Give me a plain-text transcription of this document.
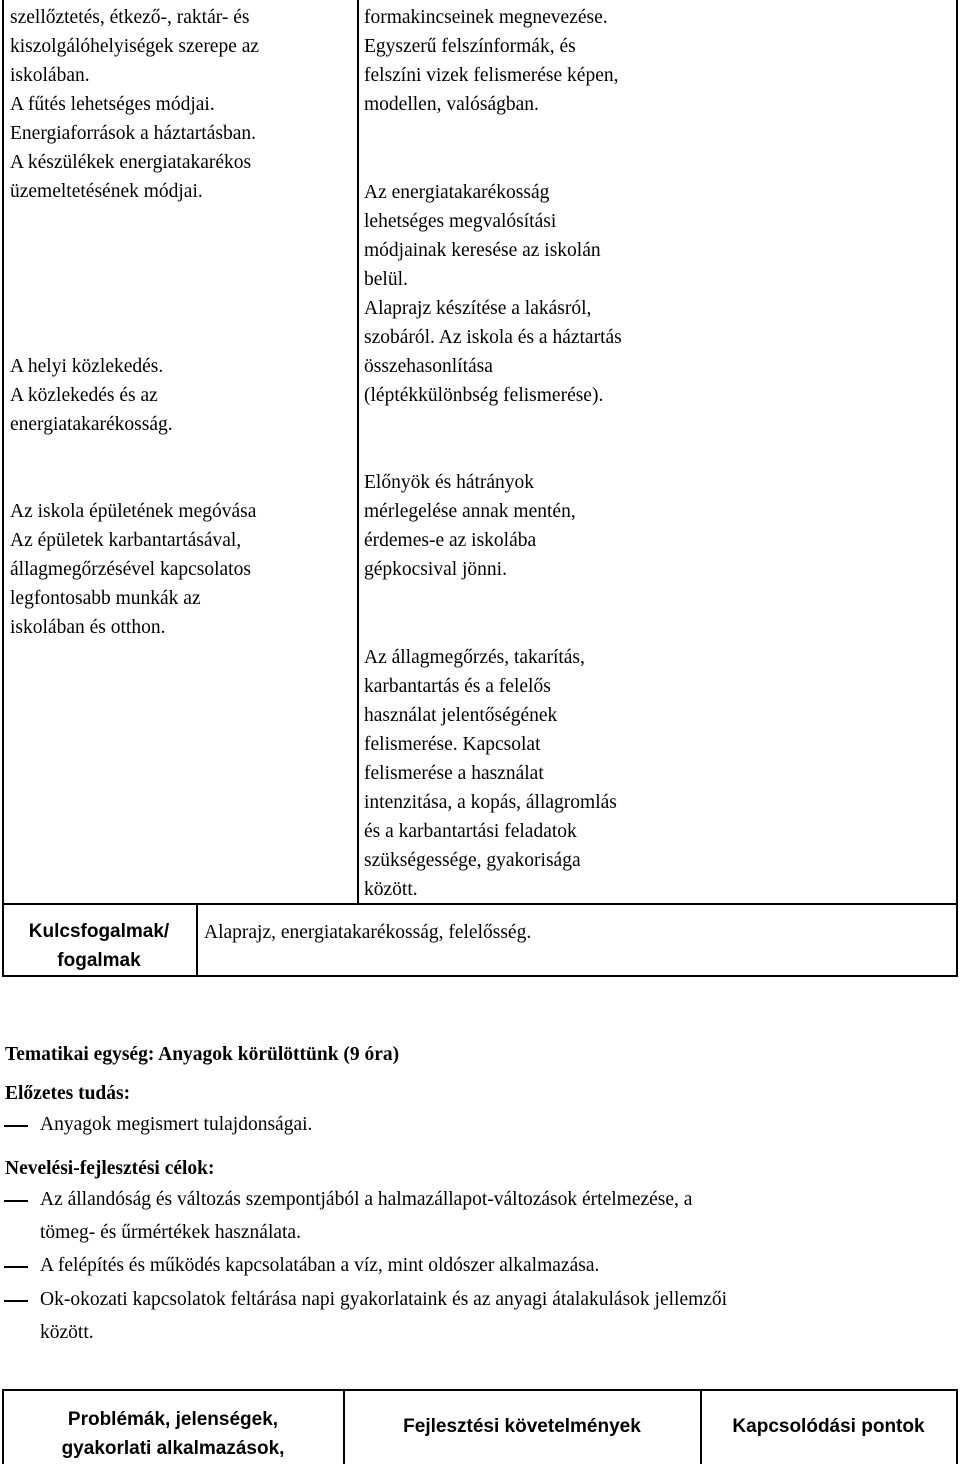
szellőztetés, étkező-, raktár- és
kiszolgálóhelyiségek szerepe az
iskolában.
A fűtés lehetséges módjai.
Energiaforrások a háztartásban.
A készülékek energiatakarékos
üzemeltetésének módjai.
A helyi közlekedés.
A közlekedés és az
energiatakarékosság.
Az iskola épületének megóvása
Az épületek karbantartásával,
állagmegőrzésével kapcsolatos
legfontosabb munkák az
iskolában és otthon.
formakincseinek megnevezése.
Egyszerű felszínformák, és
felszíni vizek felismerése képen,
modellen, valóságban.
Az energiatakarékosság
lehetséges megvalósítási
módjainak keresése az iskolán
belül.
Alaprajz készítése a lakásról,
szobáról. Az iskola és a háztartás
összehasonlítása
(léptékkülönbség felismerése).
Előnyök és hátrányok
mérlegelése annak mentén,
érdemes-e az iskolába
gépkocsival jönni.
Az állagmegőrzés, takarítás,
karbantartás és a felelős
használat jelentőségének
felismerése. Kapcsolat
felismerése a használat
intenzitása, a kopás, állagromlás
és a karbantartási feladatok
szükségessége, gyakorisága
között.
Kulcsfogalmak/
fogalmak
Alaprajz, energiatakarékosság, felelősség.
Tematikai egység: Anyagok körülöttünk (9 óra)
Előzetes tudás:
Anyagok megismert tulajdonságai.
Nevelési-fejlesztési célok:
Az állandóság és változás szempontjából a halmazállapot-változások értelmezése, a
tömeg- és űrmértékek használata.
A felépítés és működés kapcsolatában a víz, mint oldószer alkalmazása.
Ok-okozati kapcsolatok feltárása napi gyakorlataink és az anyagi átalakulások jellemzői
között.
Problémák, jelenségek,
gyakorlati alkalmazások,
Fejlesztési követelmények	Kapcsolódási pontok
